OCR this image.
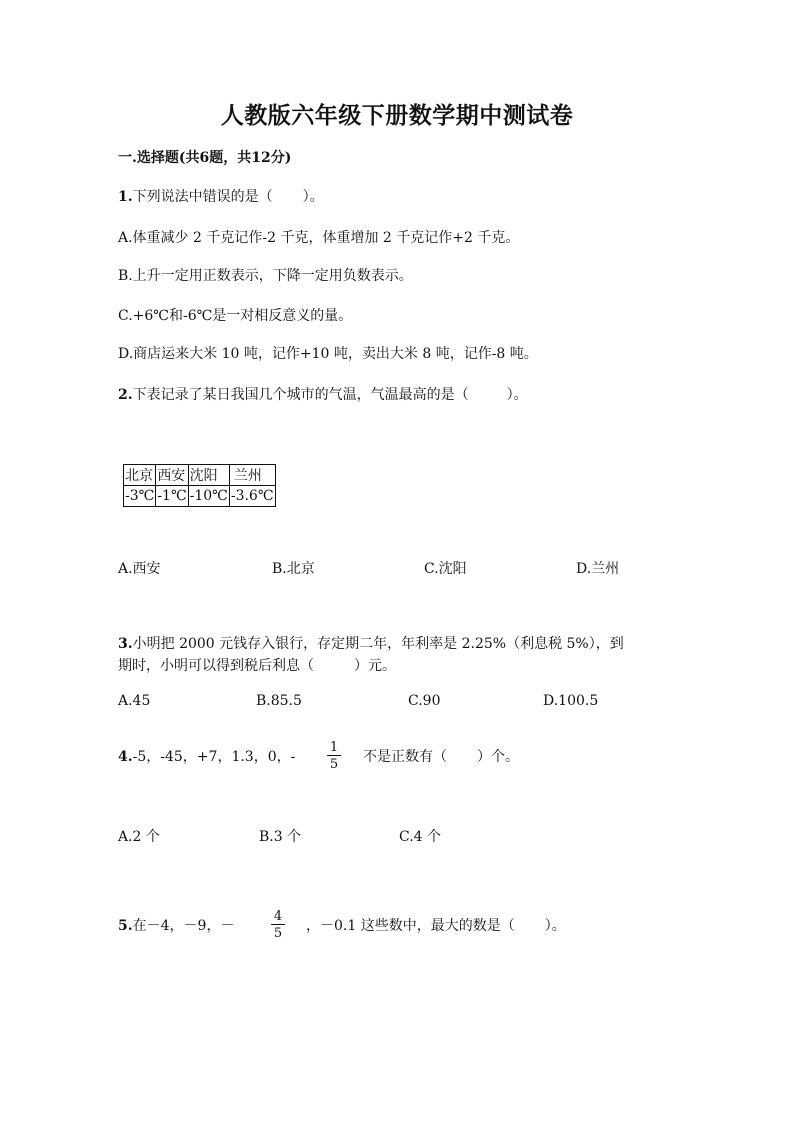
人教版六年级下册数学期中测试卷
一.选择题(共6题，共12分)
1.下列说法中错误的是（ ）。
A.体重减少 2 千克记作-2 千克，体重增加 2 千克记作+2 千克。
B.上升一定用正数表示，下降一定用负数表示。
C.+6℃和-6℃是一对相反意义的量。
D.商店运来大米 10 吨，记作+10 吨，卖出大米 8 吨，记作-8 吨。
2.下表记录了某日我国几个城市的气温，气温最高的是（	）。
北京	西安	沈阳	兰州
-3℃	-1℃	-10℃	-3.6℃
A.西安	B.北京	C.沈阳	D.兰州
3.小明把 2000 元钱存入银行，存定期二年，年利率是 2.25%（利息税 5%），到
期时，小明可以得到税后利息（	）元。
A.45	B.85.5	C.90	D.100.5
4.-5，-45，+7，1.3，0，- $\frac{1}{5}$ 不是正数有（ ）个。
A.2 个	B.3 个	C.4 个
5.在－4，－9，－	$\frac{4}{5}$ ，－0.1 这些数中，最大的数是（ ）。
